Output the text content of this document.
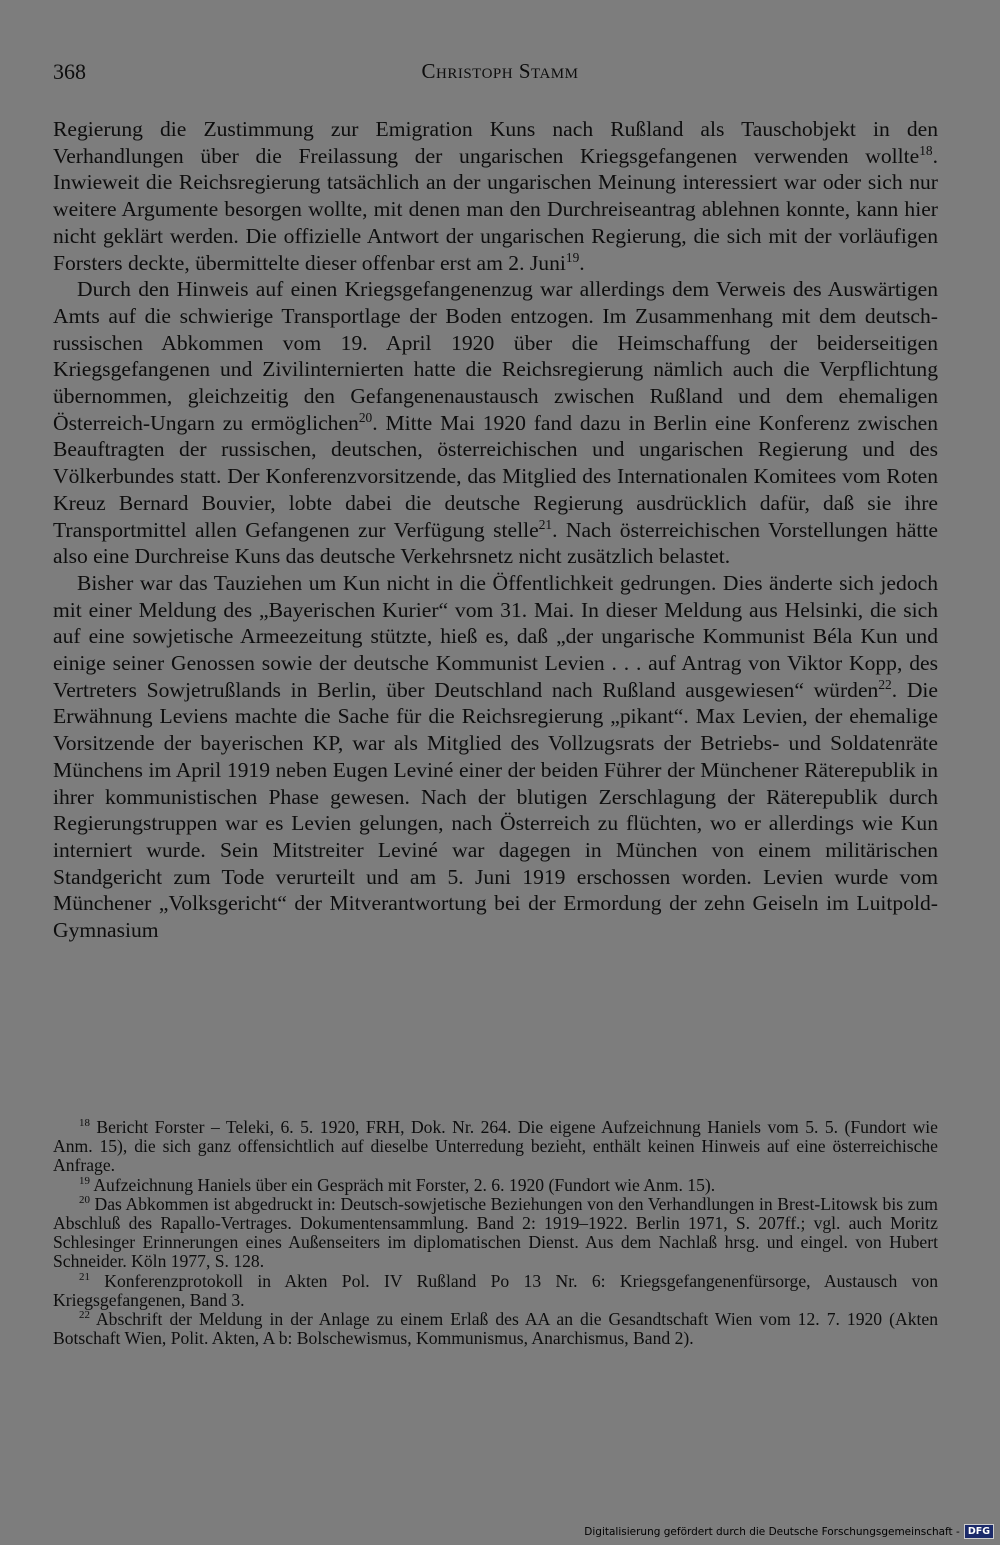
368	Christoph Stamm

Regierung die Zustimmung zur Emigration Kuns nach Rußland als Tauschobjekt in den Verhandlungen über die Freilassung der ungarischen Kriegsgefangenen verwenden wollte$^{18}$. Inwieweit die Reichsregierung tatsächlich an der ungarischen Meinung interessiert war oder sich nur weitere Argumente besorgen wollte, mit denen man den Durchreiseantrag ablehnen konnte, kann hier nicht geklärt werden. Die offizielle Antwort der ungarischen Regierung, die sich mit der vorläufigen Forsters deckte, übermittelte dieser offenbar erst am 2. Juni$^{19}$.

Durch den Hinweis auf einen Kriegsgefangenenzug war allerdings dem Verweis des Auswärtigen Amts auf die schwierige Transportlage der Boden entzogen. Im Zusammenhang mit dem deutsch-russischen Abkommen vom 19. April 1920 über die Heimschaffung der beiderseitigen Kriegsgefangenen und Zivilinternierten hatte die Reichsregierung nämlich auch die Verpflichtung übernommen, gleichzeitig den Gefangenenaustausch zwischen Rußland und dem ehemaligen Österreich-Ungarn zu ermöglichen$^{20}$. Mitte Mai 1920 fand dazu in Berlin eine Konferenz zwischen Beauftragten der russischen, deutschen, österreichischen und ungarischen Regierung und des Völkerbundes statt. Der Konferenzvorsitzende, das Mitglied des Internationalen Komitees vom Roten Kreuz Bernard Bouvier, lobte dabei die deutsche Regierung ausdrücklich dafür, daß sie ihre Transportmittel allen Gefangenen zur Verfügung stelle$^{21}$. Nach österreichischen Vorstellungen hätte also eine Durchreise Kuns das deutsche Verkehrsnetz nicht zusätzlich belastet.

Bisher war das Tauziehen um Kun nicht in die Öffentlichkeit gedrungen. Dies änderte sich jedoch mit einer Meldung des „Bayerischen Kurier“ vom 31. Mai. In dieser Meldung aus Helsinki, die sich auf eine sowjetische Armeezeitung stützte, hieß es, daß „der ungarische Kommunist Béla Kun und einige seiner Genossen sowie der deutsche Kommunist Levien . . . auf Antrag von Viktor Kopp, des Vertreters Sowjetrußlands in Berlin, über Deutschland nach Rußland ausgewiesen“ würden$^{22}$. Die Erwähnung Leviens machte die Sache für die Reichsregierung „pikant“. Max Levien, der ehemalige Vorsitzende der bayerischen KP, war als Mitglied des Vollzugsrats der Betriebs- und Soldatenräte Münchens im April 1919 neben Eugen Leviné einer der beiden Führer der Münchener Räterepublik in ihrer kommunistischen Phase gewesen. Nach der blutigen Zerschlagung der Räterepublik durch Regierungstruppen war es Levien gelungen, nach Österreich zu flüchten, wo er allerdings wie Kun interniert wurde. Sein Mitstreiter Leviné war dagegen in München von einem militärischen Standgericht zum Tode verurteilt und am 5. Juni 1919 erschossen worden. Levien wurde vom Münchener „Volksgericht“ der Mitverantwortung bei der Ermordung der zehn Geiseln im Luitpold-Gymnasium

$^{18}$ Bericht Forster – Teleki, 6. 5. 1920, FRH, Dok. Nr. 264. Die eigene Aufzeichnung Haniels vom 5. 5. (Fundort wie Anm. 15), die sich ganz offensichtlich auf dieselbe Unterredung bezieht, enthält keinen Hinweis auf eine österreichische Anfrage.

$^{19}$ Aufzeichnung Haniels über ein Gespräch mit Forster, 2. 6. 1920 (Fundort wie Anm. 15).

$^{20}$ Das Abkommen ist abgedruckt in: Deutsch-sowjetische Beziehungen von den Verhandlungen in Brest-Litowsk bis zum Abschluß des Rapallo-Vertrages. Dokumentensammlung. Band 2: 1919–1922. Berlin 1971, S. 207ff.; vgl. auch Moritz Schlesinger Erinnerungen eines Außenseiters im diplomatischen Dienst. Aus dem Nachlaß hrsg. und eingel. von Hubert Schneider. Köln 1977, S. 128.

$^{21}$ Konferenzprotokoll in Akten Pol. IV Rußland Po 13 Nr. 6: Kriegsgefangenenfürsorge, Austausch von Kriegsgefangenen, Band 3.

$^{22}$ Abschrift der Meldung in der Anlage zu einem Erlaß des AA an die Gesandtschaft Wien vom 12. 7. 1920 (Akten Botschaft Wien, Polit. Akten, A b: Bolschewismus, Kommunismus, Anarchismus, Band 2).

Digitalisierung gefördert durch die Deutsche Forschungsgemeinschaft - DFG
